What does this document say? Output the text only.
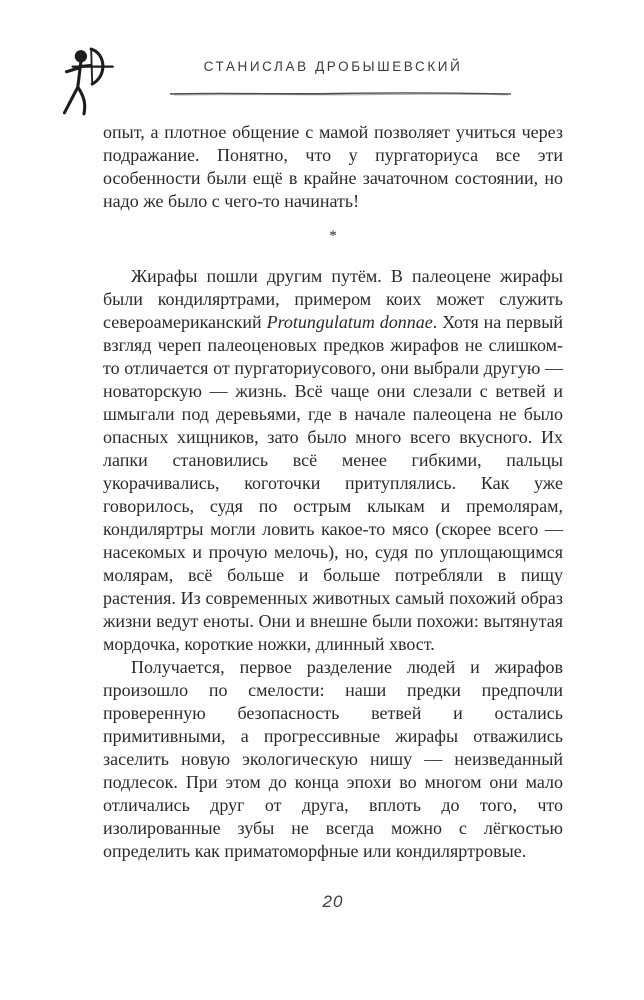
СТАНИСЛАВ ДРОБЫШЕВСКИЙ

опыт, а плотное общение с мамой позволяет учиться через подражание. Понятно, что у пургаториуса все эти особенности были ещё в крайне зачаточном состоянии, но надо же было с чего-то начинать!

*

Жирафы пошли другим путём. В палеоцене жирафы были кондиляртрами, примером коих может служить североамериканский Protungulatum donnae. Хотя на первый взгляд череп палеоценовых предков жирафов не слишком-то отличается от пургаториусового, они выбрали другую — новаторскую — жизнь. Всё чаще они слезали с ветвей и шмыгали под деревьями, где в начале палеоцена не было опасных хищников, зато было много всего вкусного. Их лапки становились всё менее гибкими, пальцы укорачивались, коготочки притуплялись. Как уже говорилось, судя по острым клыкам и премолярам, кондиляртры могли ловить какое-то мясо (скорее всего — насекомых и прочую мелочь), но, судя по уплощающимся молярам, всё больше и больше потребляли в пищу растения. Из современных животных самый похожий образ жизни ведут еноты. Они и внешне были похожи: вытянутая мордочка, короткие ножки, длинный хвост.

Получается, первое разделение людей и жирафов произошло по смелости: наши предки предпочли проверенную безопасность ветвей и остались примитивными, а прогрессивные жирафы отважились заселить новую экологическую нишу — неизведанный подлесок. При этом до конца эпохи во многом они мало отличались друг от друга, вплоть до того, что изолированные зубы не всегда можно с лёгкостью определить как приматоморфные или кондиляртровые.

20
